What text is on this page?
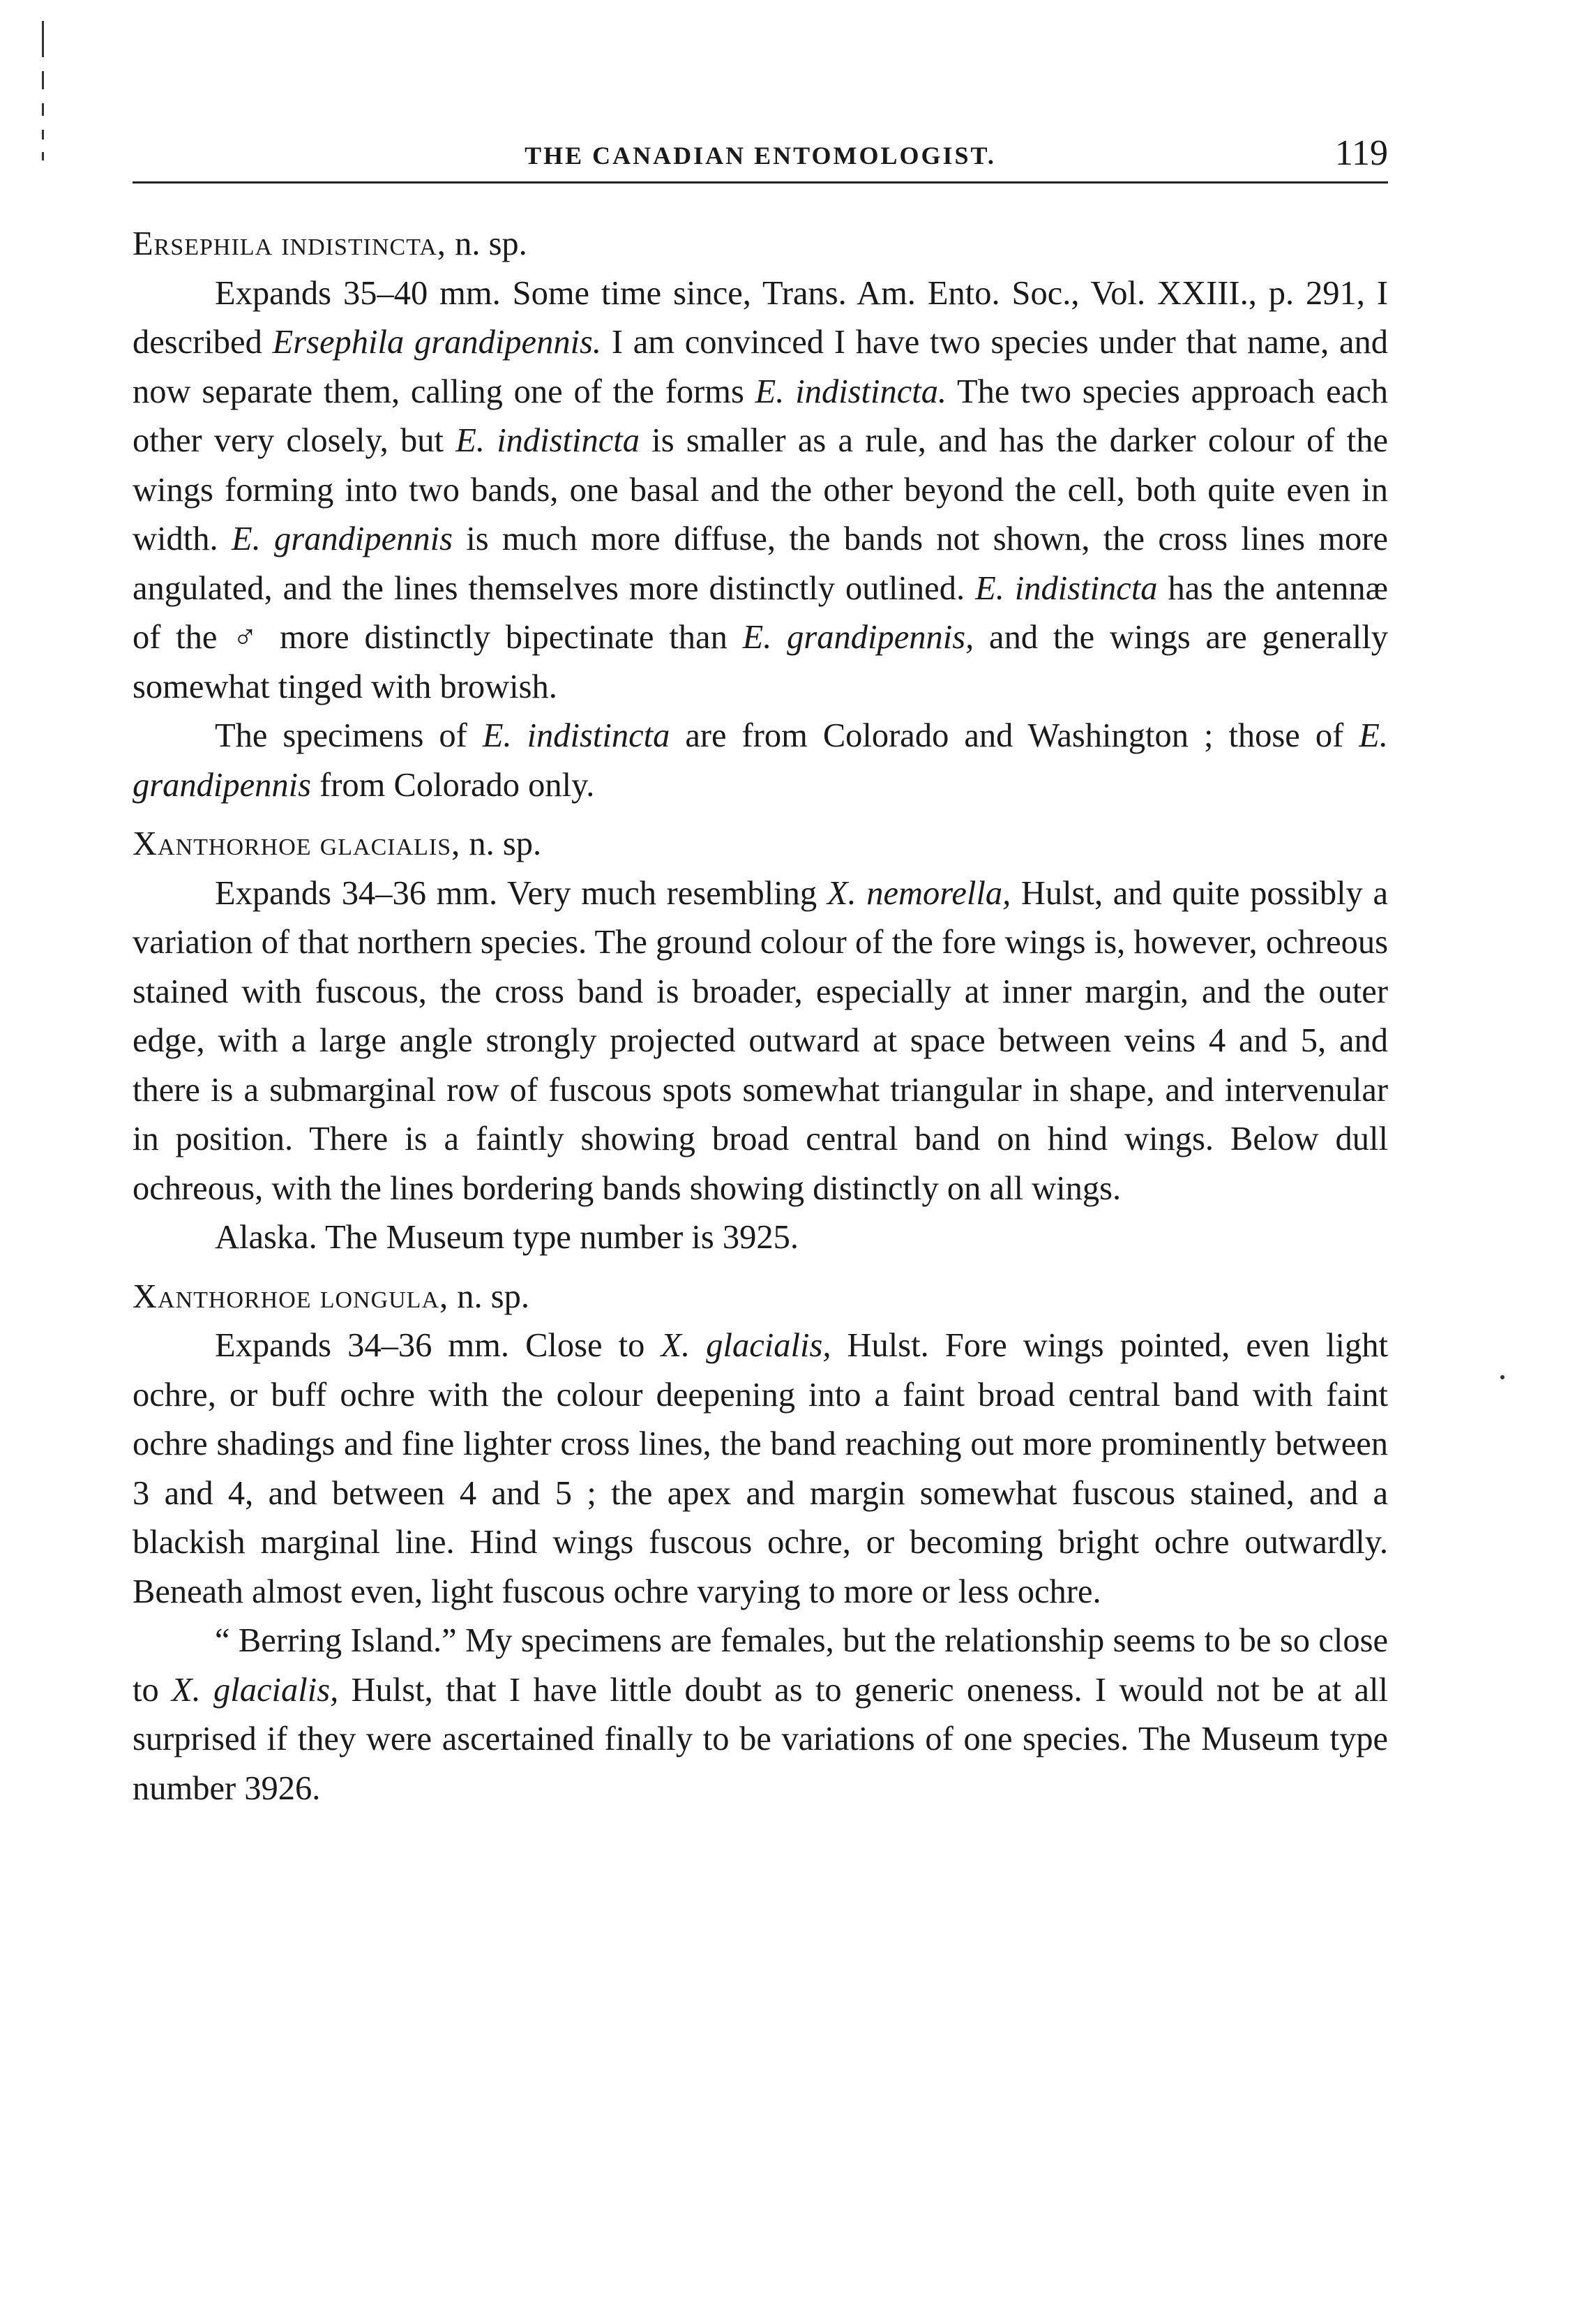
THE CANADIAN ENTOMOLOGIST.	119

Ersephila indistincta, n. sp.

Expands 35–40 mm. Some time since, Trans. Am. Ento. Soc., Vol. XXIII., p. 291, I described Ersephila grandipennis. I am convinced I have two species under that name, and now separate them, calling one of the forms E. indistincta. The two species approach each other very closely, but E. indistincta is smaller as a rule, and has the darker colour of the wings forming into two bands, one basal and the other beyond the cell, both quite even in width. E. grandipennis is much more diffuse, the bands not shown, the cross lines more angulated, and the lines themselves more distinctly outlined. E. indistincta has the antennæ of the ♂ more distinctly bipectinate than E. grandipennis, and the wings are generally somewhat tinged with browish.

The specimens of E. indistincta are from Colorado and Washington ; those of E. grandipennis from Colorado only.

Xanthorhoe glacialis, n. sp.

Expands 34–36 mm. Very much resembling X. nemorella, Hulst, and quite possibly a variation of that northern species. The ground colour of the fore wings is, however, ochreous stained with fuscous, the cross band is broader, especially at inner margin, and the outer edge, with a large angle strongly projected outward at space between veins 4 and 5, and there is a submarginal row of fuscous spots somewhat triangular in shape, and intervenular in position. There is a faintly showing broad central band on hind wings. Below dull ochreous, with the lines bordering bands showing distinctly on all wings.

Alaska. The Museum type number is 3925.

Xanthorhoe longula, n. sp.

Expands 34–36 mm. Close to X. glacialis, Hulst. Fore wings pointed, even light ochre, or buff ochre with the colour deepening into a faint broad central band with faint ochre shadings and fine lighter cross lines, the band reaching out more prominently between 3 and 4, and between 4 and 5 ; the apex and margin somewhat fuscous stained, and a blackish marginal line. Hind wings fuscous ochre, or becoming bright ochre outwardly. Beneath almost even, light fuscous ochre varying to more or less ochre.

“ Berring Island.” My specimens are females, but the relationship seems to be so close to X. glacialis, Hulst, that I have little doubt as to generic oneness. I would not be at all surprised if they were ascertained finally to be variations of one species. The Museum type number 3926.
